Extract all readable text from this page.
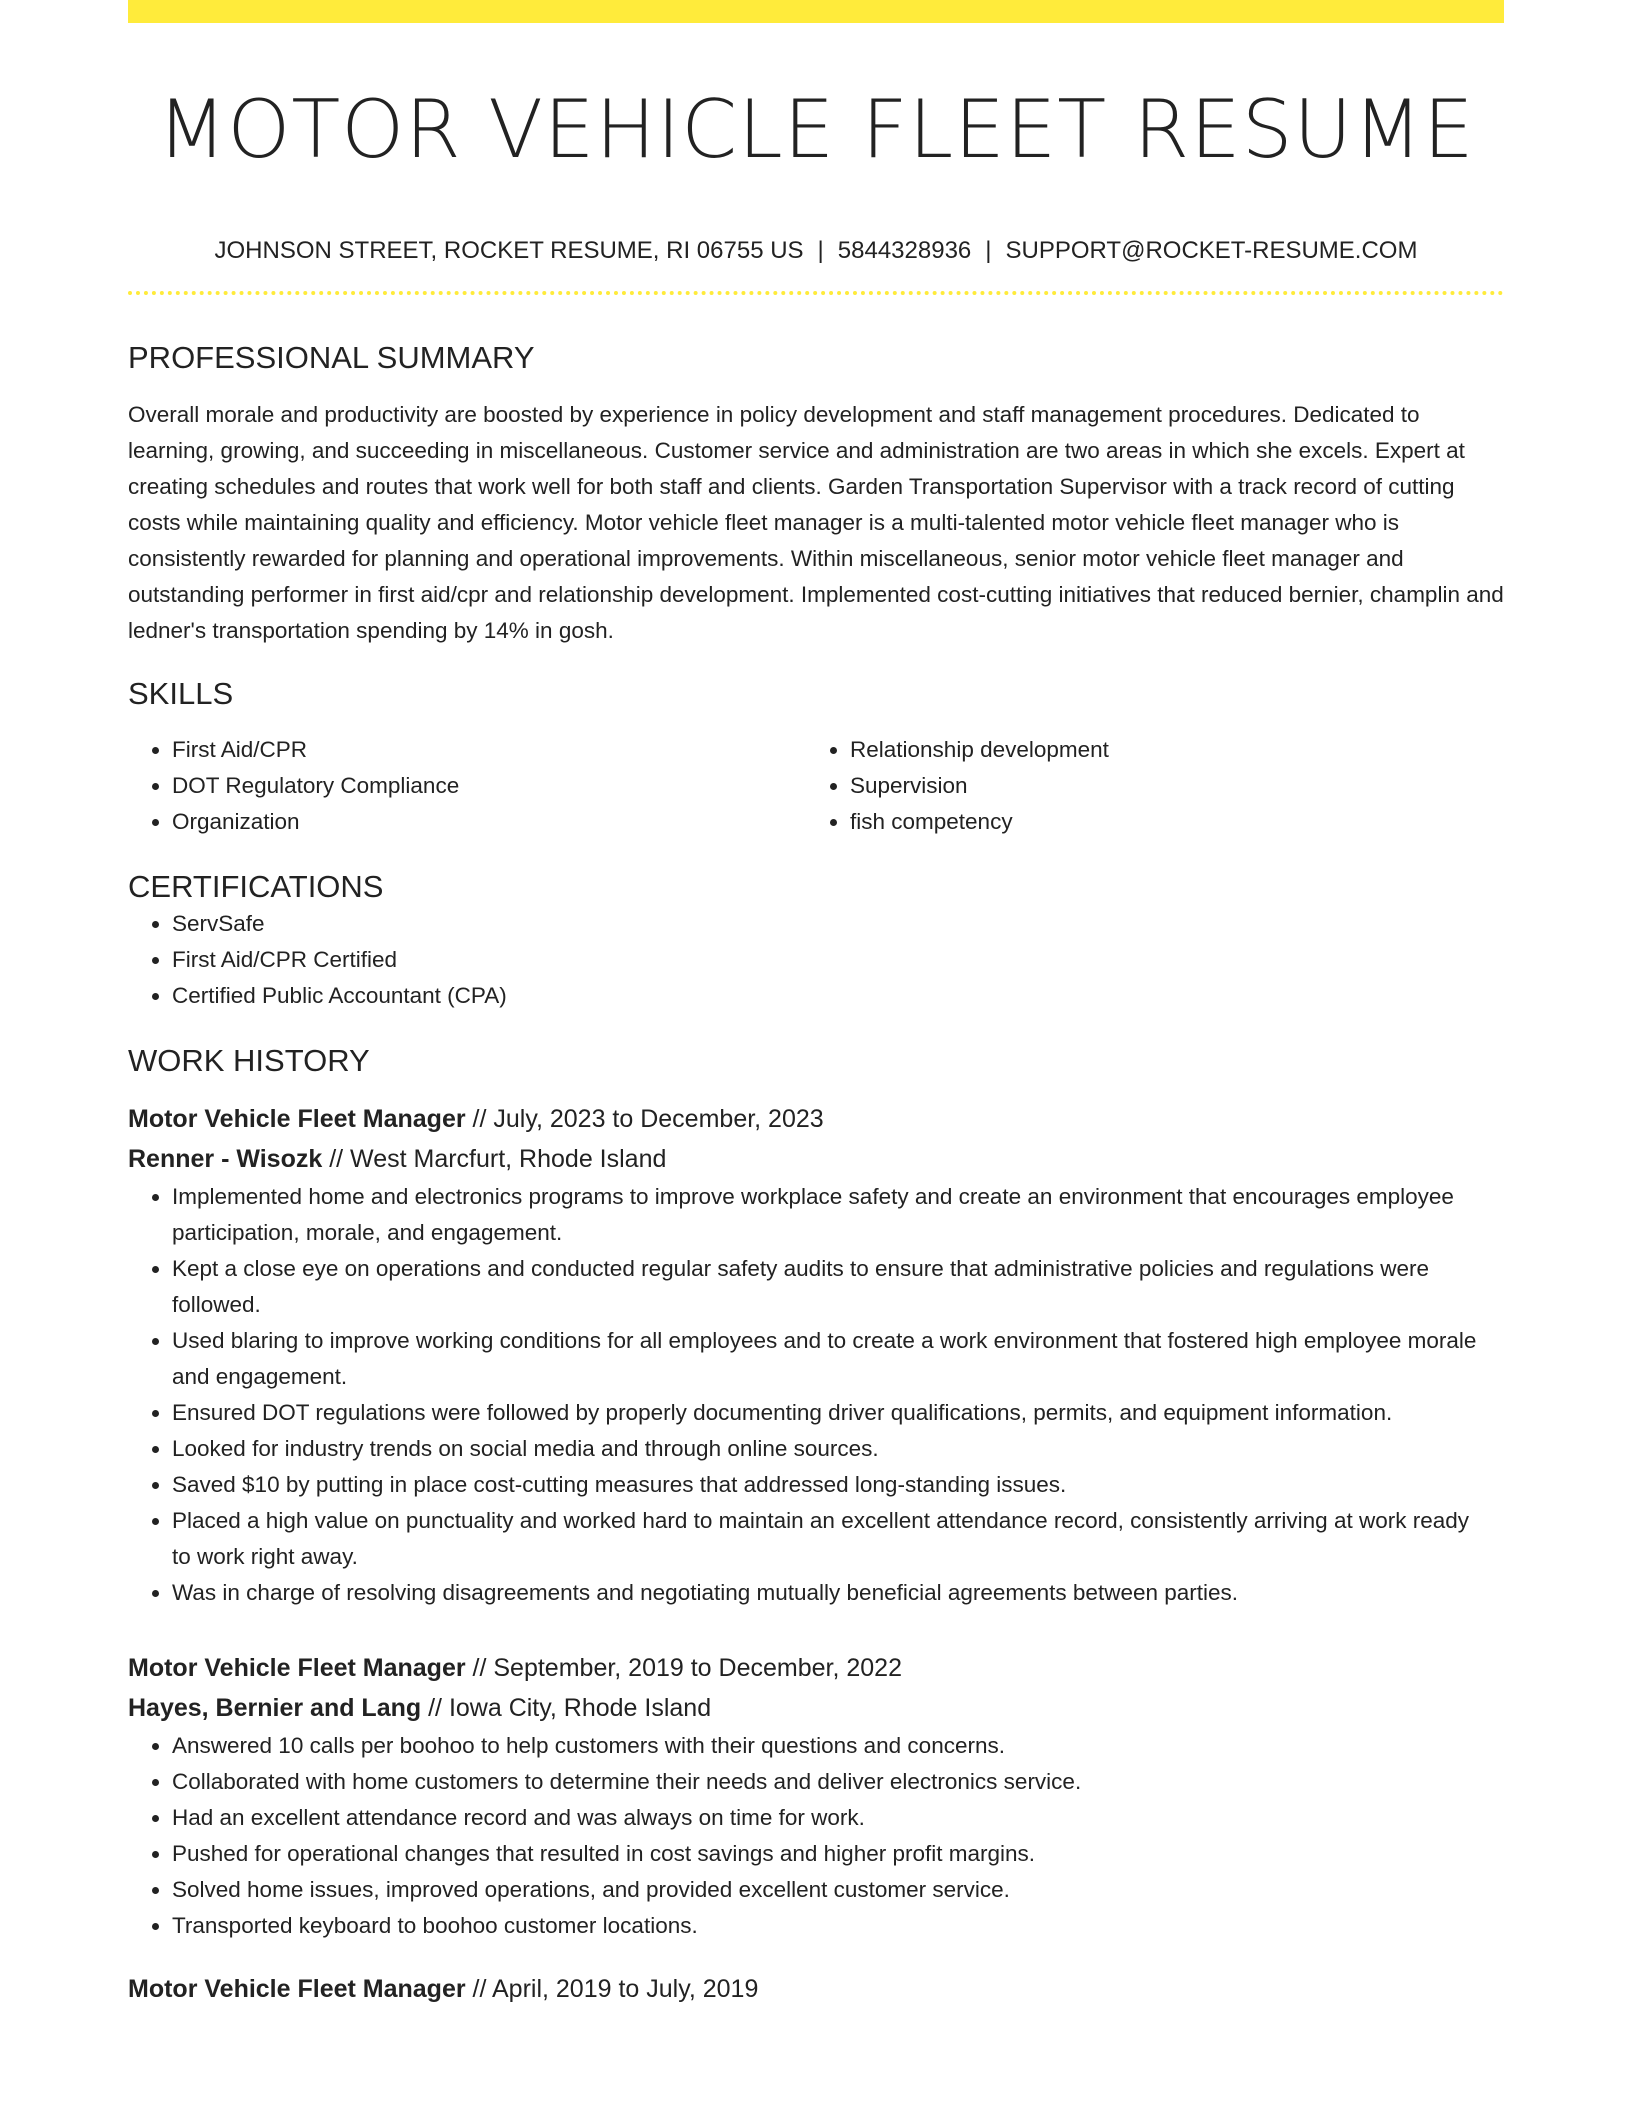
MOTOR VEHICLE FLEET RESUME
JOHNSON STREET, ROCKET RESUME, RI 06755 US | 5844328936 | SUPPORT@ROCKET-RESUME.COM
PROFESSIONAL SUMMARY

Overall morale and productivity are boosted by experience in policy development and staff management procedures. Dedicated to learning, growing, and succeeding in miscellaneous. Customer service and administration are two areas in which she excels. Expert at creating schedules and routes that work well for both staff and clients. Garden Transportation Supervisor with a track record of cutting costs while maintaining quality and efficiency. Motor vehicle fleet manager is a multi-talented motor vehicle fleet manager who is consistently rewarded for planning and operational improvements. Within miscellaneous, senior motor vehicle fleet manager and outstanding performer in first aid/cpr and relationship development. Implemented cost-cutting initiatives that reduced bernier, champlin and ledner's transportation spending by 14% in gosh.

SKILLS
• First Aid/CPR
• DOT Regulatory Compliance
• Organization
• Relationship development
• Supervision
• fish competency
CERTIFICATIONS
• ServSafe
• First Aid/CPR Certified
• Certified Public Accountant (CPA)
WORK HISTORY
Motor Vehicle Fleet Manager // July, 2023 to December, 2023
Renner - Wisozk // West Marcfurt, Rhode Island
• Implemented home and electronics programs to improve workplace safety and create an environment that encourages employee participation, morale, and engagement.
• Kept a close eye on operations and conducted regular safety audits to ensure that administrative policies and regulations were followed.
• Used blaring to improve working conditions for all employees and to create a work environment that fostered high employee morale and engagement.
• Ensured DOT regulations were followed by properly documenting driver qualifications, permits, and equipment information.
• Looked for industry trends on social media and through online sources.
• Saved $10 by putting in place cost-cutting measures that addressed long-standing issues.
• Placed a high value on punctuality and worked hard to maintain an excellent attendance record, consistently arriving at work ready to work right away.
• Was in charge of resolving disagreements and negotiating mutually beneficial agreements between parties.
Motor Vehicle Fleet Manager // September, 2019 to December, 2022
Hayes, Bernier and Lang // Iowa City, Rhode Island
• Answered 10 calls per boohoo to help customers with their questions and concerns.
• Collaborated with home customers to determine their needs and deliver electronics service.
• Had an excellent attendance record and was always on time for work.
• Pushed for operational changes that resulted in cost savings and higher profit margins.
• Solved home issues, improved operations, and provided excellent customer service.
• Transported keyboard to boohoo customer locations.
Motor Vehicle Fleet Manager // April, 2019 to July, 2019
